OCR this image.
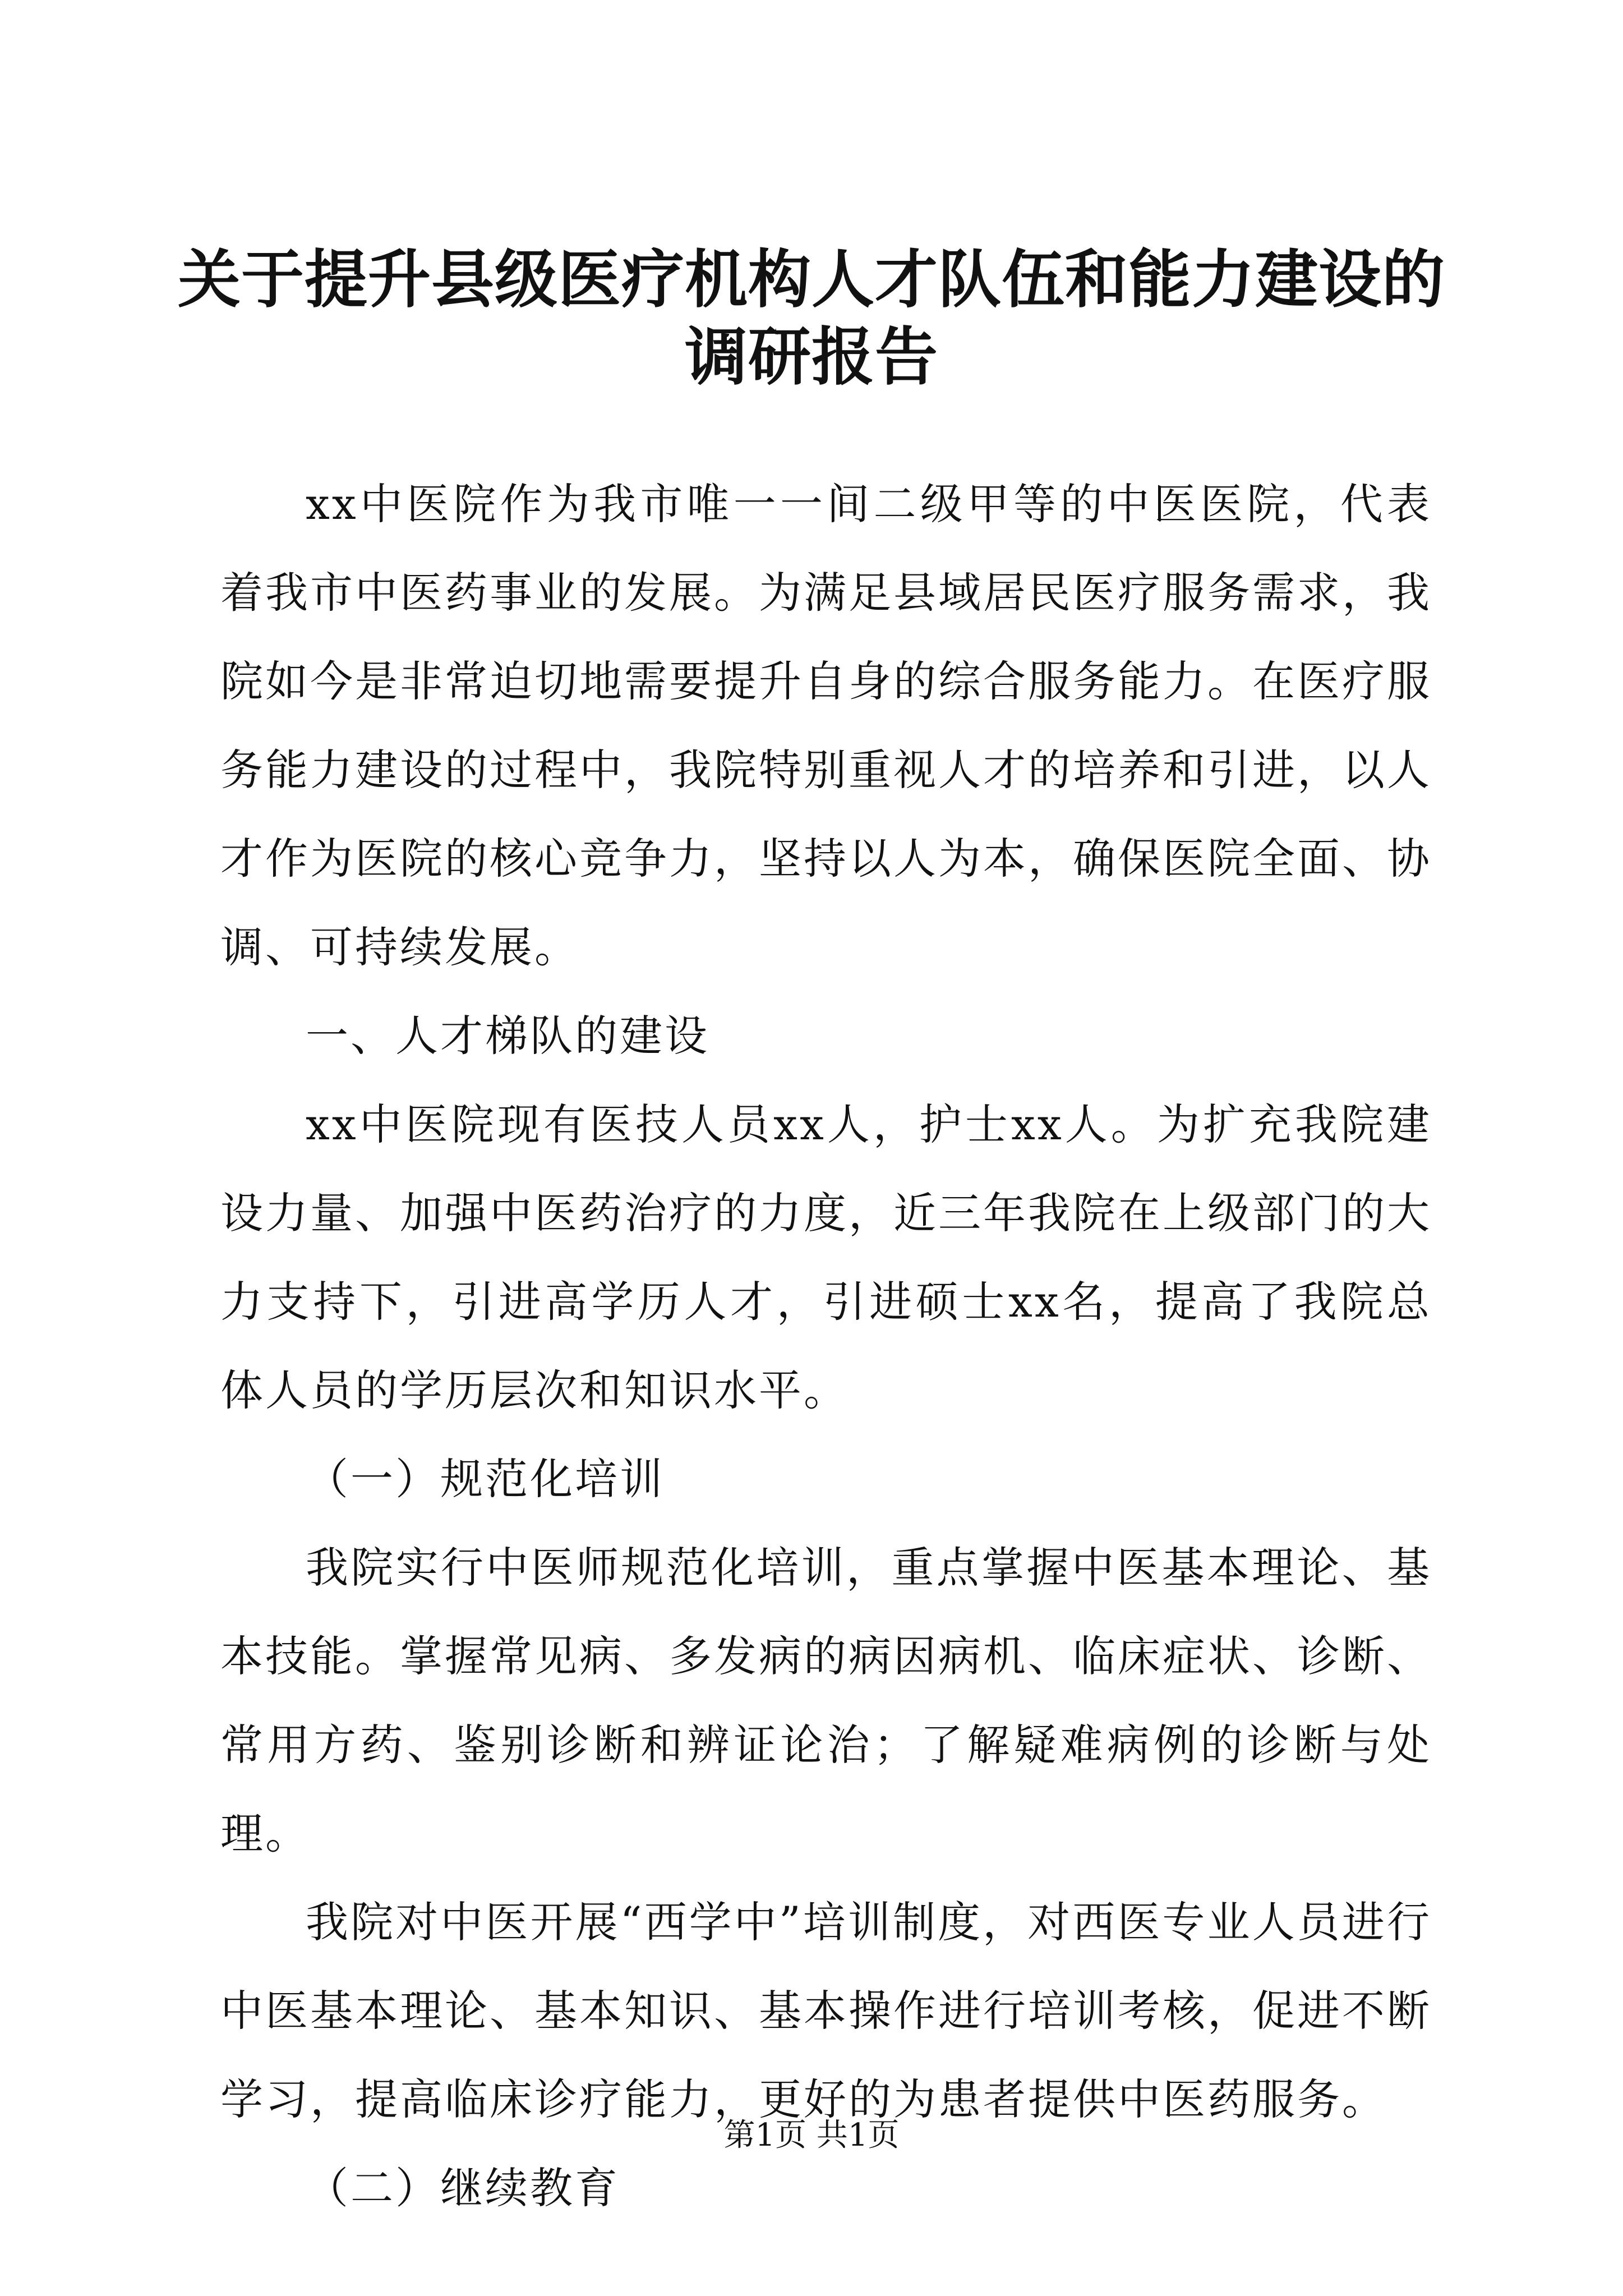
关于提升县级医疗机构人才队伍和能力建设的
调研报告

xx中医院作为我市唯一一间二级甲等的中医医院，代表着我市中医药事业的发展。为满足县域居民医疗服务需求，我院如今是非常迫切地需要提升自身的综合服务能力。在医疗服务能力建设的过程中，我院特别重视人才的培养和引进，以人才作为医院的核心竞争力，坚持以人为本，确保医院全面、协调、可持续发展。

一、人才梯队的建设

xx中医院现有医技人员xx人，护士xx人。为扩充我院建设力量、加强中医药治疗的力度，近三年我院在上级部门的大力支持下，引进高学历人才，引进硕士xx名，提高了我院总体人员的学历层次和知识水平。

（一）规范化培训

我院实行中医师规范化培训，重点掌握中医基本理论、基本技能。掌握常见病、多发病的病因病机、临床症状、诊断、常用方药、鉴别诊断和辨证论治；了解疑难病例的诊断与处理。

我院对中医开展“西学中”培训制度，对西医专业人员进行中医基本理论、基本知识、基本操作进行培训考核，促进不断学习，提高临床诊疗能力，更好的为患者提供中医药服务。

（二）继续教育

第1页 共1页
